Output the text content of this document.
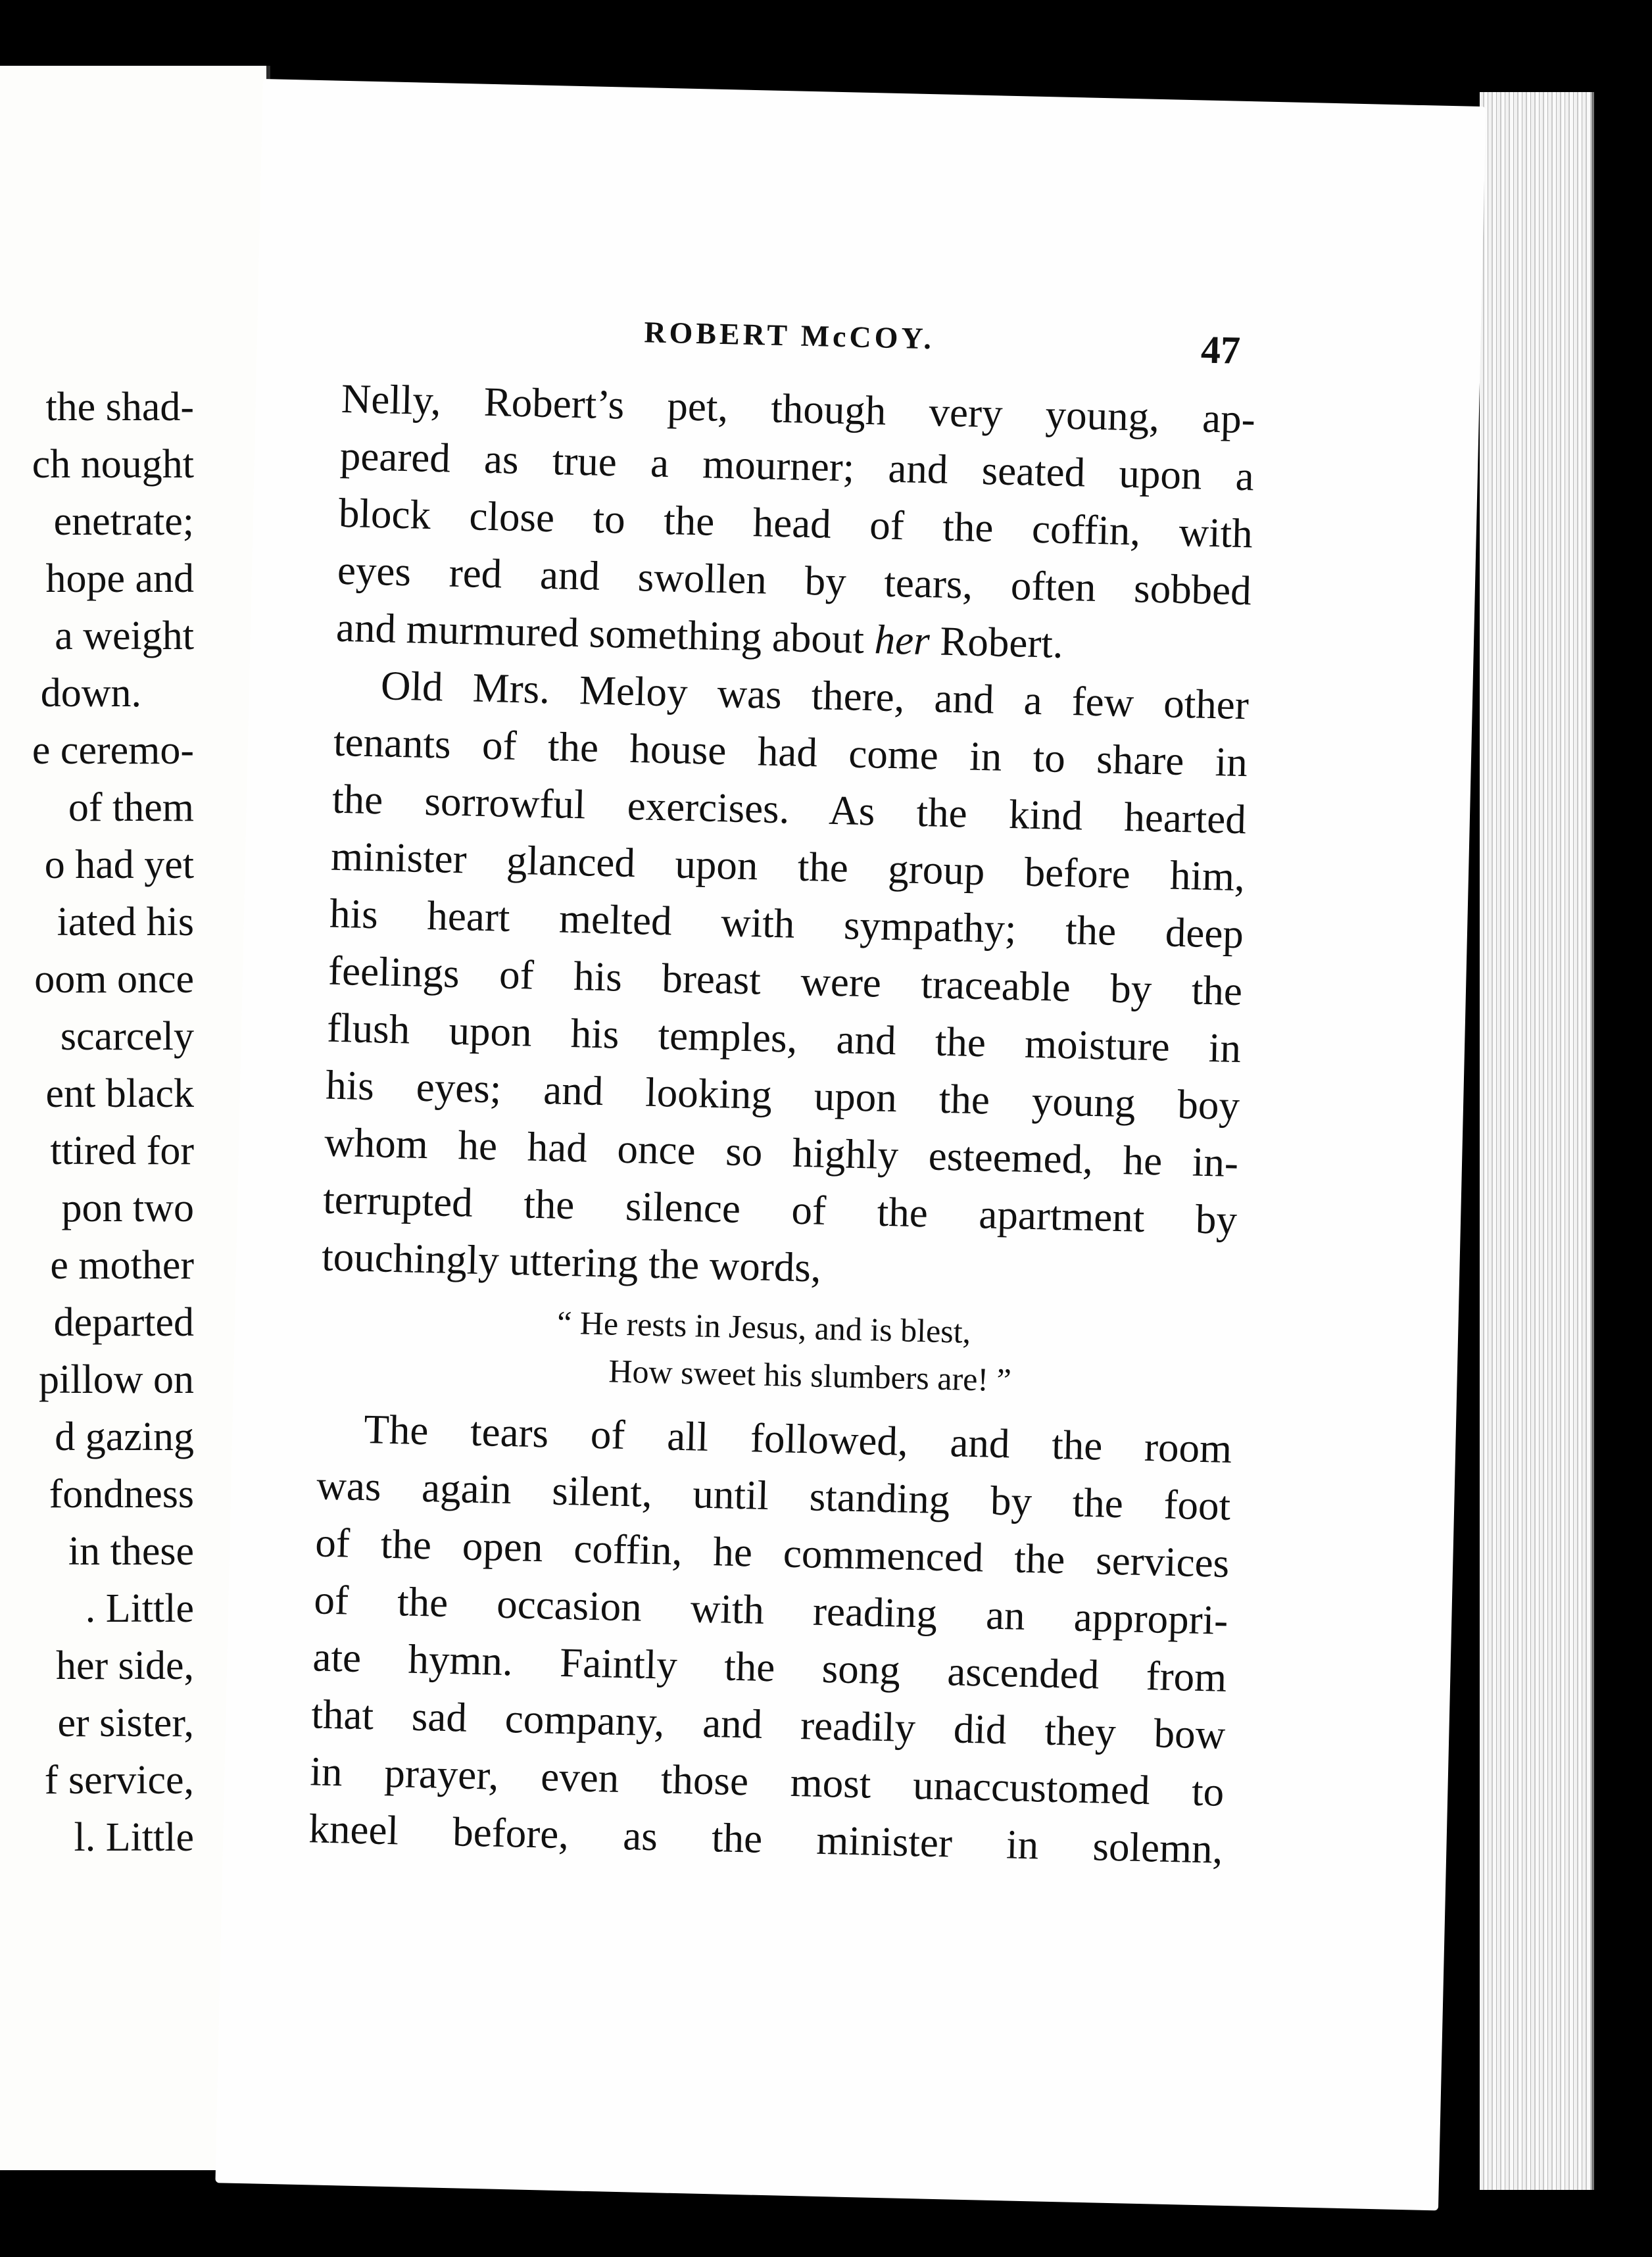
the shad-
ch nought
enetrate;
hope and
a weight
down.
e ceremo-
of them
o had yet
iated his
oom once
scarcely
ent black
ttired for
pon two
e mother
departed
pillow on
d gazing
fondness
in these
. Little
her side,
er sister,
f service,
l. Little
ROBERT McCOY.	47
Nelly, Robert’s pet, though very young, ap-
peared as true a mourner; and seated upon a
block close to the head of the coffin, with
eyes red and swollen by tears, often sobbed
and murmured something about her Robert.
Old Mrs. Meloy was there, and a few other
tenants of the house had come in to share in
the sorrowful exercises. As the kind hearted
minister glanced upon the group before him,
his heart melted with sympathy; the deep
feelings of his breast were traceable by the
flush upon his temples, and the moisture in
his eyes; and looking upon the young boy
whom he had once so highly esteemed, he in-
terrupted the silence of the apartment by
touchingly uttering the words,
“ He rests in Jesus, and is blest,
How sweet his slumbers are! ”
The tears of all followed, and the room
was again silent, until standing by the foot
of the open coffin, he commenced the services
of the occasion with reading an appropri-
ate hymn. Faintly the song ascended from
that sad company, and readily did they bow
in prayer, even those most unaccustomed to
kneel before, as the minister in solemn,
